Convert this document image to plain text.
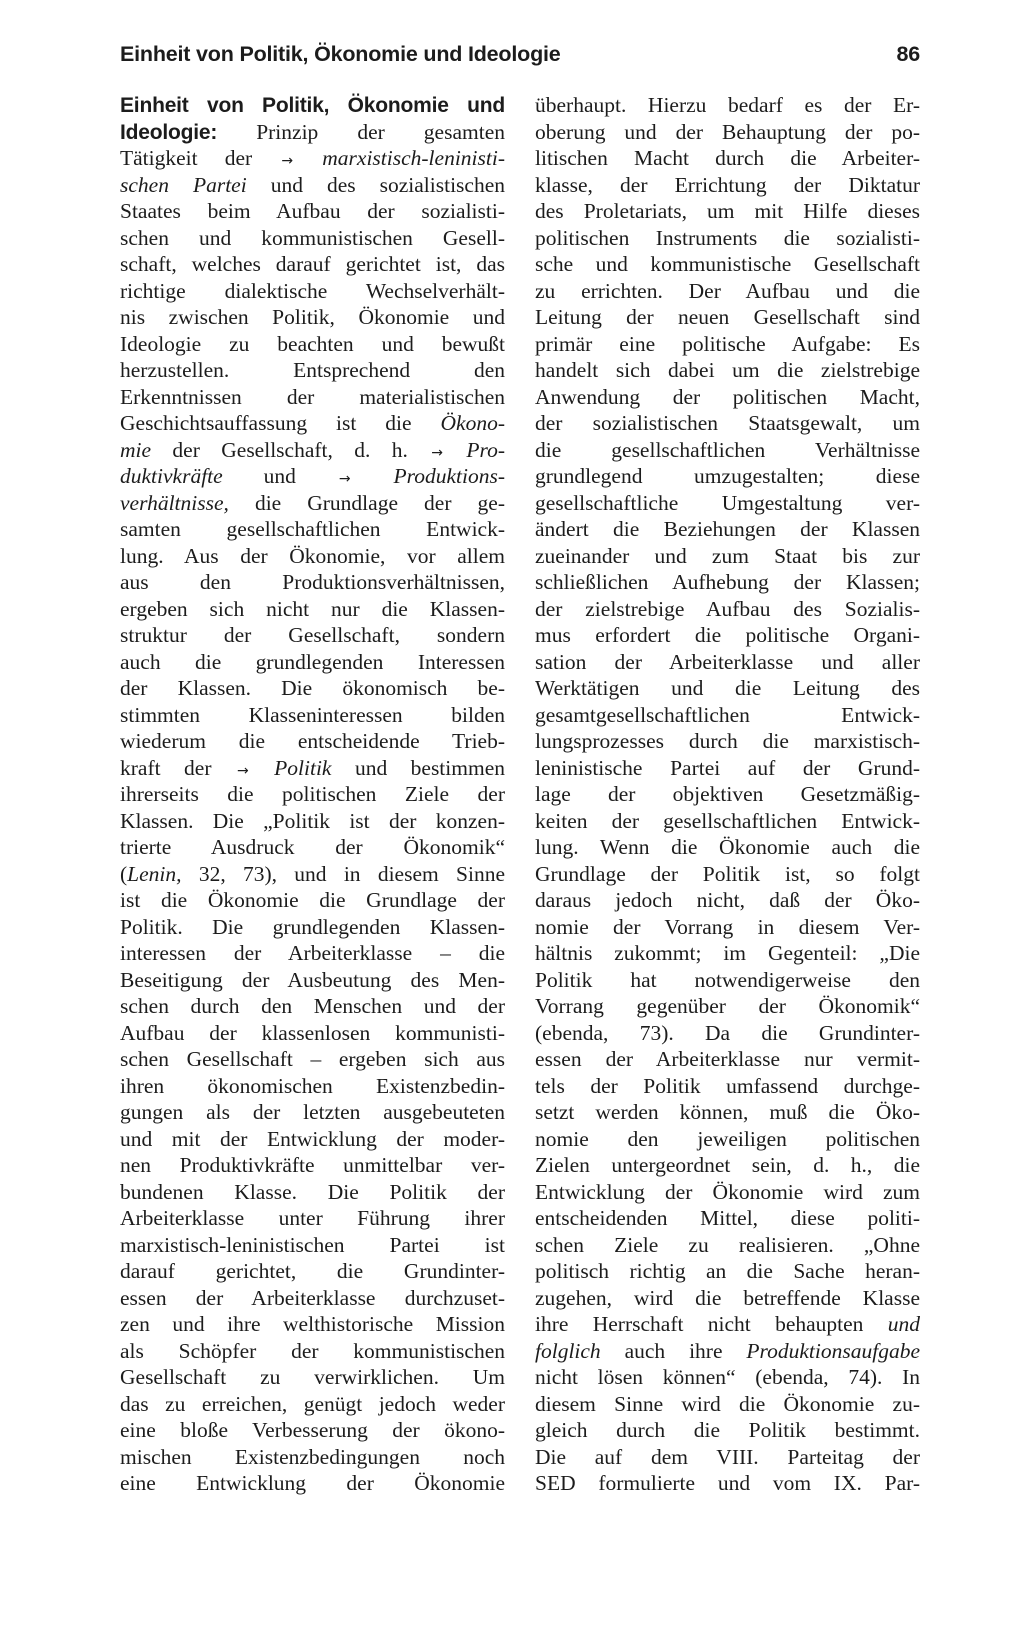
Einheit von Politik, Ökonomie und Ideologie	86
Einheit von Politik, Ökonomie und
Ideologie: Prinzip der gesamten
Tätigkeit der → marxistisch-leninisti-
schen Partei und des sozialistischen
Staates beim Aufbau der sozialisti-
schen und kommunistischen Gesell-
schaft, welches darauf gerichtet ist, das
richtige dialektische Wechselverhält-
nis zwischen Politik, Ökonomie und
Ideologie zu beachten und bewußt
herzustellen. Entsprechend den
Erkenntnissen der materialistischen
Geschichtsauffassung ist die Ökono-
mie der Gesellschaft, d. h. → Pro-
duktivkräfte und → Produktions-
verhältnisse, die Grundlage der ge-
samten gesellschaftlichen Entwick-
lung. Aus der Ökonomie, vor allem
aus den Produktionsverhältnissen,
ergeben sich nicht nur die Klassen-
struktur der Gesellschaft, sondern
auch die grundlegenden Interessen
der Klassen. Die ökonomisch be-
stimmten Klasseninteressen bilden
wiederum die entscheidende Trieb-
kraft der → Politik und bestimmen
ihrerseits die politischen Ziele der
Klassen. Die „Politik ist der konzen-
trierte Ausdruck der Ökonomik“
(Lenin, 32, 73), und in diesem Sinne
ist die Ökonomie die Grundlage der
Politik. Die grundlegenden Klassen-
interessen der Arbeiterklasse – die
Beseitigung der Ausbeutung des Men-
schen durch den Menschen und der
Aufbau der klassenlosen kommunisti-
schen Gesellschaft – ergeben sich aus
ihren ökonomischen Existenzbedin-
gungen als der letzten ausgebeuteten
und mit der Entwicklung der moder-
nen Produktivkräfte unmittelbar ver-
bundenen Klasse. Die Politik der
Arbeiterklasse unter Führung ihrer
marxistisch-leninistischen Partei ist
darauf gerichtet, die Grundinter-
essen der Arbeiterklasse durchzuset-
zen und ihre welthistorische Mission
als Schöpfer der kommunistischen
Gesellschaft zu verwirklichen. Um
das zu erreichen, genügt jedoch weder
eine bloße Verbesserung der ökono-
mischen Existenzbedingungen noch
eine Entwicklung der Ökonomie
überhaupt. Hierzu bedarf es der Er-
oberung und der Behauptung der po-
litischen Macht durch die Arbeiter-
klasse, der Errichtung der Diktatur
des Proletariats, um mit Hilfe dieses
politischen Instruments die sozialisti-
sche und kommunistische Gesellschaft
zu errichten. Der Aufbau und die
Leitung der neuen Gesellschaft sind
primär eine politische Aufgabe: Es
handelt sich dabei um die zielstrebige
Anwendung der politischen Macht,
der sozialistischen Staatsgewalt, um
die gesellschaftlichen Verhältnisse
grundlegend umzugestalten; diese
gesellschaftliche Umgestaltung ver-
ändert die Beziehungen der Klassen
zueinander und zum Staat bis zur
schließlichen Aufhebung der Klassen;
der zielstrebige Aufbau des Sozialis-
mus erfordert die politische Organi-
sation der Arbeiterklasse und aller
Werktätigen und die Leitung des
gesamtgesellschaftlichen Entwick-
lungsprozesses durch die marxistisch-
leninistische Partei auf der Grund-
lage der objektiven Gesetzmäßig-
keiten der gesellschaftlichen Entwick-
lung. Wenn die Ökonomie auch die
Grundlage der Politik ist, so folgt
daraus jedoch nicht, daß der Öko-
nomie der Vorrang in diesem Ver-
hältnis zukommt; im Gegenteil: „Die
Politik hat notwendigerweise den
Vorrang gegenüber der Ökonomik“
(ebenda, 73). Da die Grundinter-
essen der Arbeiterklasse nur vermit-
tels der Politik umfassend durchge-
setzt werden können, muß die Öko-
nomie den jeweiligen politischen
Zielen untergeordnet sein, d. h., die
Entwicklung der Ökonomie wird zum
entscheidenden Mittel, diese politi-
schen Ziele zu realisieren. „Ohne
politisch richtig an die Sache heran-
zugehen, wird die betreffende Klasse
ihre Herrschaft nicht behaupten und
folglich auch ihre Produktionsaufgabe
nicht lösen können“ (ebenda, 74). In
diesem Sinne wird die Ökonomie zu-
gleich durch die Politik bestimmt.
Die auf dem VIII. Parteitag der
SED formulierte und vom IX. Par-
